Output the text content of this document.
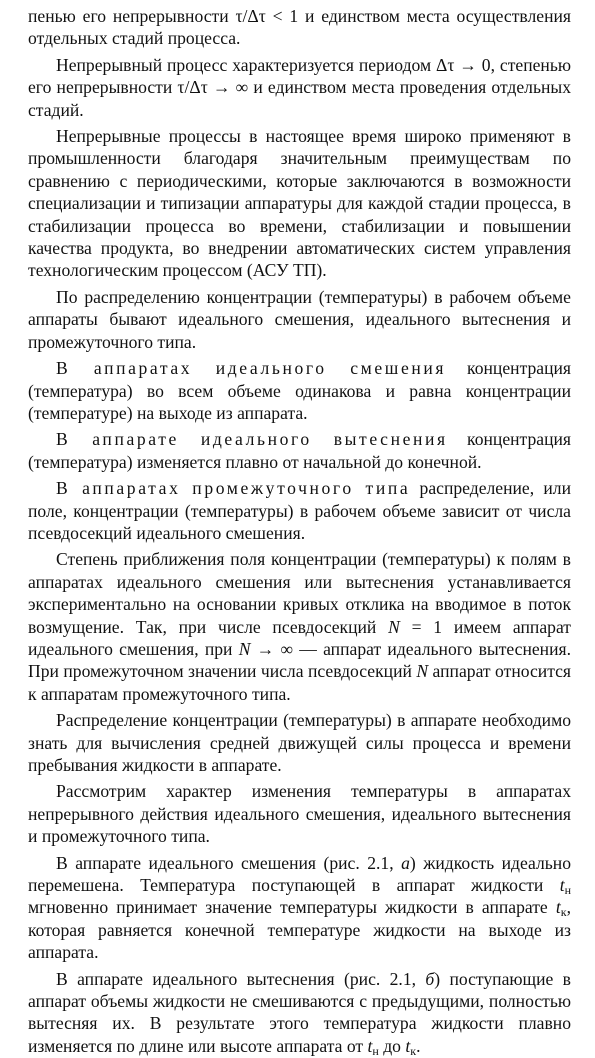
пенью его непрерывности τ/Δτ < 1 и единством места осуществления отдельных стадий процесса.

Непрерывный процесс характеризуется периодом Δτ → 0, степенью его непрерывности τ/Δτ → ∞ и единством места проведения отдельных стадий.

Непрерывные процессы в настоящее время широко применяют в промышленности благодаря значительным преимуществам по сравнению с периодическими, которые заключаются в возможности специализации и типизации аппаратуры для каждой стадии процесса, в стабилизации процесса во времени, стабилизации и повышении качества продукта, во внедрении автоматических систем управления технологическим процессом (АСУ ТП).

По распределению концентрации (температуры) в рабочем объеме аппараты бывают идеального смешения, идеального вытеснения и промежуточного типа.

В аппаратах идеального смешения концентрация (температура) во всем объеме одинакова и равна концентрации (температуре) на выходе из аппарата.

В аппарате идеального вытеснения концентрация (температура) изменяется плавно от начальной до конечной.

В аппаратах промежуточного типа распределение, или поле, концентрации (температуры) в рабочем объеме зависит от числа псевдосекций идеального смешения.

Степень приближения поля концентрации (температуры) к полям в аппаратах идеального смешения или вытеснения устанавливается экспериментально на основании кривых отклика на вводимое в поток возмущение. Так, при числе псевдосекций N = 1 имеем аппарат идеального смешения, при N → ∞ — аппарат идеального вытеснения. При промежуточном значении числа псевдосекций N аппарат относится к аппаратам промежуточного типа.

Распределение концентрации (температуры) в аппарате необходимо знать для вычисления средней движущей силы процесса и времени пребывания жидкости в аппарате.

Рассмотрим характер изменения температуры в аппаратах непрерывного действия идеального смешения, идеального вытеснения и промежуточного типа.

В аппарате идеального смешения (рис. 2.1, а) жидкость идеально перемешена. Температура поступающей в аппарат жидкости $t_н$ мгновенно принимает значение температуры жидкости в аппарате $t_к$, которая равняется конечной температуре жидкости на выходе из аппарата.

В аппарате идеального вытеснения (рис. 2.1, б) поступающие в аппарат объемы жидкости не смешиваются с предыдущими, полностью вытесняя их. В результате этого температура жидкости плавно изменяется по длине или высоте аппарата от $t_н$ до $t_к$.
